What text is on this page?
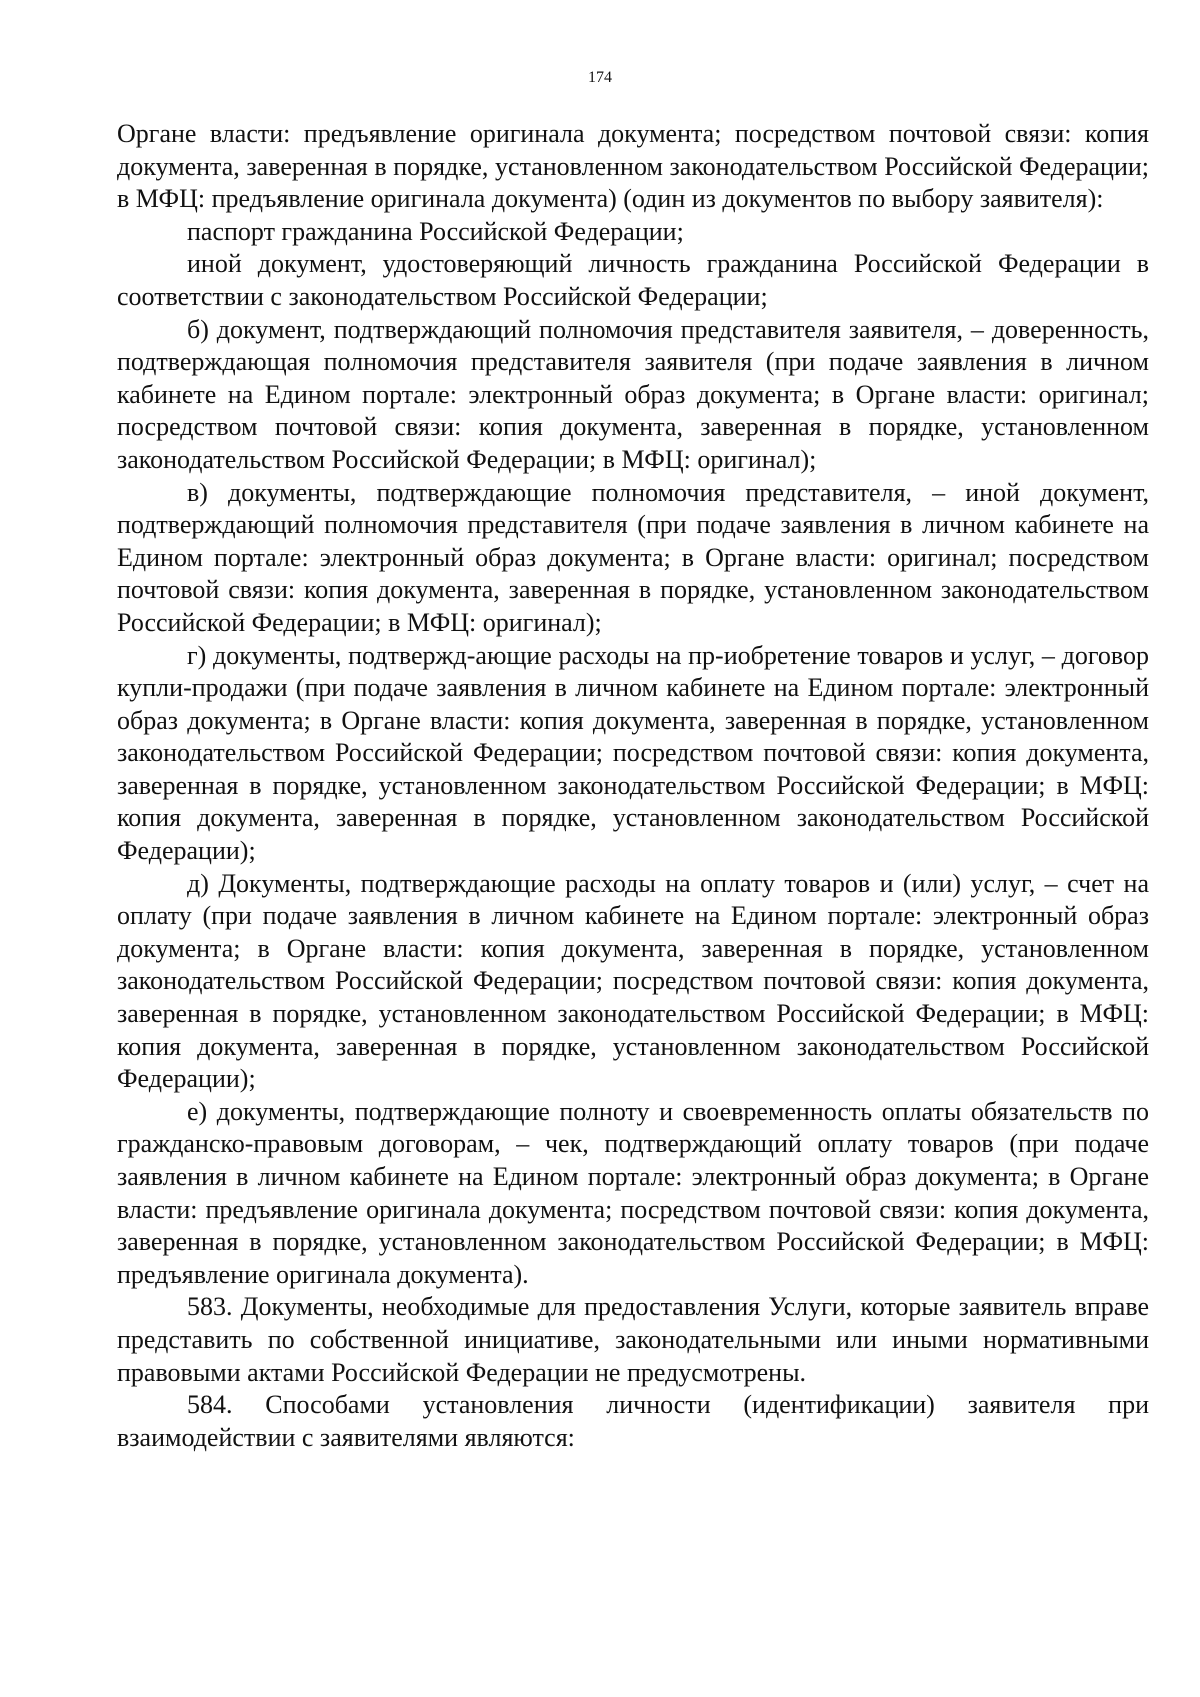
174

Органе власти: предъявление оригинала документа; посредством почтовой связи: копия документа, заверенная в порядке, установленном законодательством Российской Федерации; в МФЦ: предъявление оригинала документа) (один из документов по выбору заявителя):

паспорт гражданина Российской Федерации;

иной документ, удостоверяющий личность гражданина Российской Федерации в соответствии с законодательством Российской Федерации;

б) документ, подтверждающий полномочия представителя заявителя, – доверенность, подтверждающая полномочия представителя заявителя (при подаче заявления в личном кабинете на Едином портале: электронный образ документа; в Органе власти: оригинал; посредством почтовой связи: копия документа, заверенная в порядке, установленном законодательством Российской Федерации; в МФЦ: оригинал);

в) документы, подтверждающие полномочия представителя, – иной документ, подтверждающий полномочия представителя (при подаче заявления в личном кабинете на Едином портале: электронный образ документа; в Органе власти: оригинал; посредством почтовой связи: копия документа, заверенная в порядке, установленном законодательством Российской Федерации; в МФЦ: оригинал);

г) документы, подтвержд-ающие расходы на пр-иобретение товаров и услуг, – договор купли-продажи (при подаче заявления в личном кабинете на Едином портале: электронный образ документа; в Органе власти: копия документа, заверенная в порядке, установленном законодательством Российской Федерации; посредством почтовой связи: копия документа, заверенная в порядке, установленном законодательством Российской Федерации; в МФЦ: копия документа, заверенная в порядке, установленном законодательством Российской Федерации);

д) Документы, подтверждающие расходы на оплату товаров и (или) услуг, – счет на оплату (при подаче заявления в личном кабинете на Едином портале: электронный образ документа; в Органе власти: копия документа, заверенная в порядке, установленном законодательством Российской Федерации; посредством почтовой связи: копия документа, заверенная в порядке, установленном законодательством Российской Федерации; в МФЦ: копия документа, заверенная в порядке, установленном законодательством Российской Федерации);

е) документы, подтверждающие полноту и своевременность оплаты обязательств по гражданско-правовым договорам, – чек, подтверждающий оплату товаров (при подаче заявления в личном кабинете на Едином портале: электронный образ документа; в Органе власти: предъявление оригинала документа; посредством почтовой связи: копия документа, заверенная в порядке, установленном законодательством Российской Федерации; в МФЦ: предъявление оригинала документа).

583. Документы, необходимые для предоставления Услуги, которые заявитель вправе представить по собственной инициативе, законодательными или иными нормативными правовыми актами Российской Федерации не предусмотрены.

584. Способами установления личности (идентификации) заявителя при взаимодействии с заявителями являются:
